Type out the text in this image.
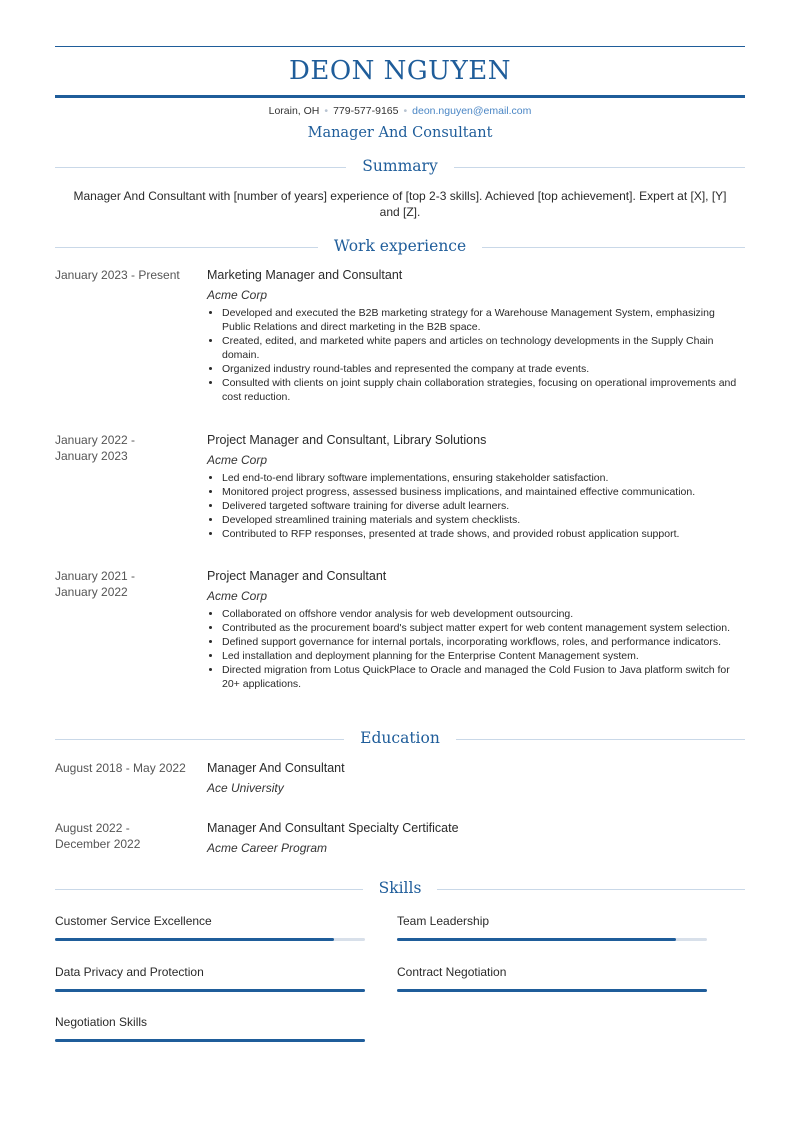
DEON NGUYEN
Lorain, OH • 779-577-9165 • deon.nguyen@email.com
Manager And Consultant
Summary
Manager And Consultant with [number of years] experience of [top 2-3 skills]. Achieved [top achievement]. Expert at [X], [Y] and [Z].
Work experience
January 2023 - Present	Marketing Manager and Consultant
Acme Corp
• Developed and executed the B2B marketing strategy for a Warehouse Management System, emphasizing Public Relations and direct marketing in the B2B space.
• Created, edited, and marketed white papers and articles on technology developments in the Supply Chain domain.
• Organized industry round-tables and represented the company at trade events.
• Consulted with clients on joint supply chain collaboration strategies, focusing on operational improvements and cost reduction.
January 2022 - January 2023
Project Manager and Consultant, Library Solutions
Acme Corp
• Led end-to-end library software implementations, ensuring stakeholder satisfaction.
• Monitored project progress, assessed business implications, and maintained effective communication.
• Delivered targeted software training for diverse adult learners.
• Developed streamlined training materials and system checklists.
• Contributed to RFP responses, presented at trade shows, and provided robust application support.
January 2021 - January 2022
Project Manager and Consultant
Acme Corp
• Collaborated on offshore vendor analysis for web development outsourcing.
• Contributed as the procurement board's subject matter expert for web content management system selection.
• Defined support governance for internal portals, incorporating workflows, roles, and performance indicators.
• Led installation and deployment planning for the Enterprise Content Management system.
• Directed migration from Lotus QuickPlace to Oracle and managed the Cold Fusion to Java platform switch for 20+ applications.
Education
August 2018 - May 2022	Manager And Consultant
Ace University
August 2022 - December 2022
Manager And Consultant Specialty Certificate
Acme Career Program
Skills
Customer Service Excellence	Team Leadership
Data Privacy and Protection	Contract Negotiation
Negotiation Skills
